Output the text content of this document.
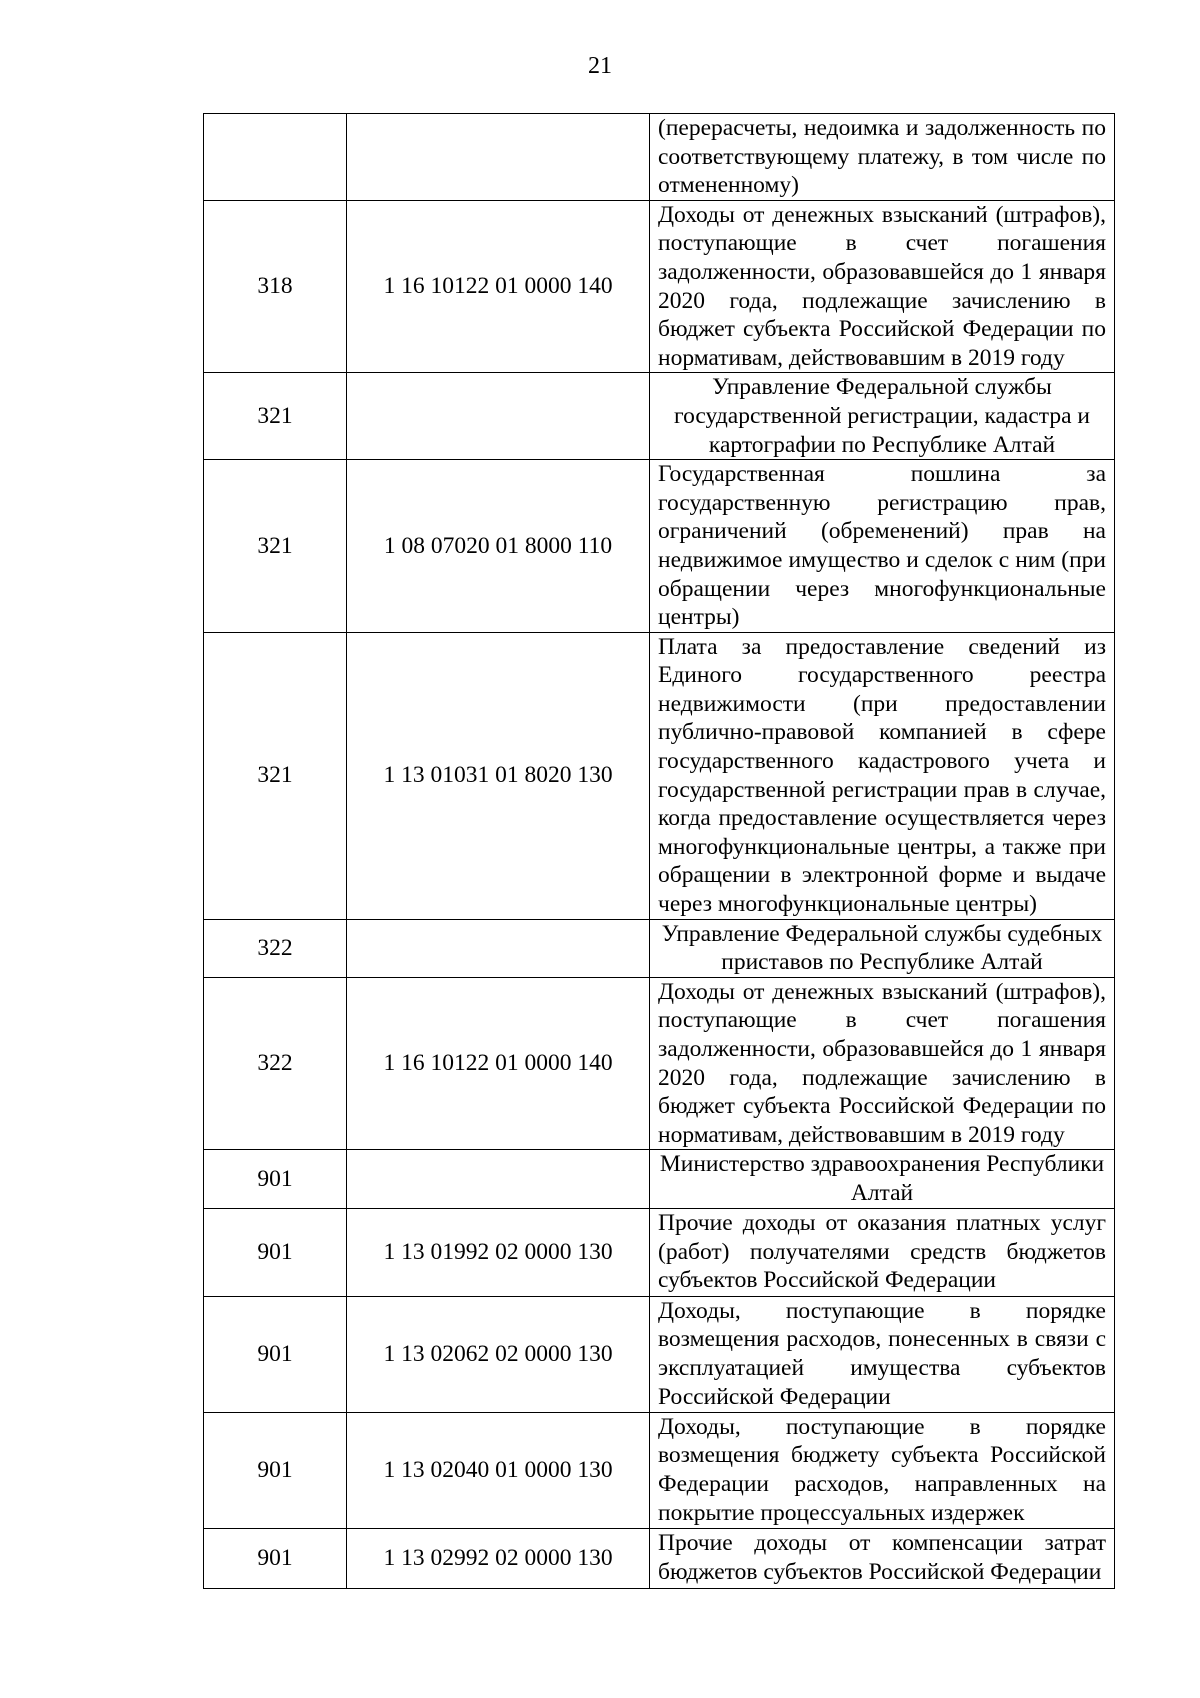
21
		(перерасчеты, недоимка и задолженность по соответствующему платежу, в том числе по отмененному)
318	1 16 10122 01 0000 140	Доходы от денежных взысканий (штрафов), поступающие в счет погашения задолженности, образовавшейся до 1 января 2020 года, подлежащие зачислению в бюджет субъекта Российской Федерации по нормативам, действовавшим в 2019 году
321		Управление Федеральной службы государственной регистрации, кадастра и картографии по Республике Алтай
321	1 08 07020 01 8000 110	Государственная пошлина за государственную регистрацию прав, ограничений (обременений) прав на недвижимое имущество и сделок с ним (при обращении через многофункциональные центры)
321	1 13 01031 01 8020 130	Плата за предоставление сведений из Единого государственного реестра недвижимости (при предоставлении публично-правовой компанией в сфере государственного кадастрового учета и государственной регистрации прав в случае, когда предоставление осуществляется через многофункциональные центры, а также при обращении в электронной форме и выдаче через многофункциональные центры)
322		Управление Федеральной службы судебных приставов по Республике Алтай
322	1 16 10122 01 0000 140	Доходы от денежных взысканий (штрафов), поступающие в счет погашения задолженности, образовавшейся до 1 января 2020 года, подлежащие зачислению в бюджет субъекта Российской Федерации по нормативам, действовавшим в 2019 году
901		Министерство здравоохранения Республики Алтай
901	1 13 01992 02 0000 130	Прочие доходы от оказания платных услуг (работ) получателями средств бюджетов субъектов Российской Федерации
901	1 13 02062 02 0000 130	Доходы, поступающие в порядке возмещения расходов, понесенных в связи с эксплуатацией имущества субъектов Российской Федерации
901	1 13 02040 01 0000 130	Доходы, поступающие в порядке возмещения бюджету субъекта Российской Федерации расходов, направленных на покрытие процессуальных издержек
901	1 13 02992 02 0000 130	Прочие доходы от компенсации затрат бюджетов субъектов Российской Федерации
